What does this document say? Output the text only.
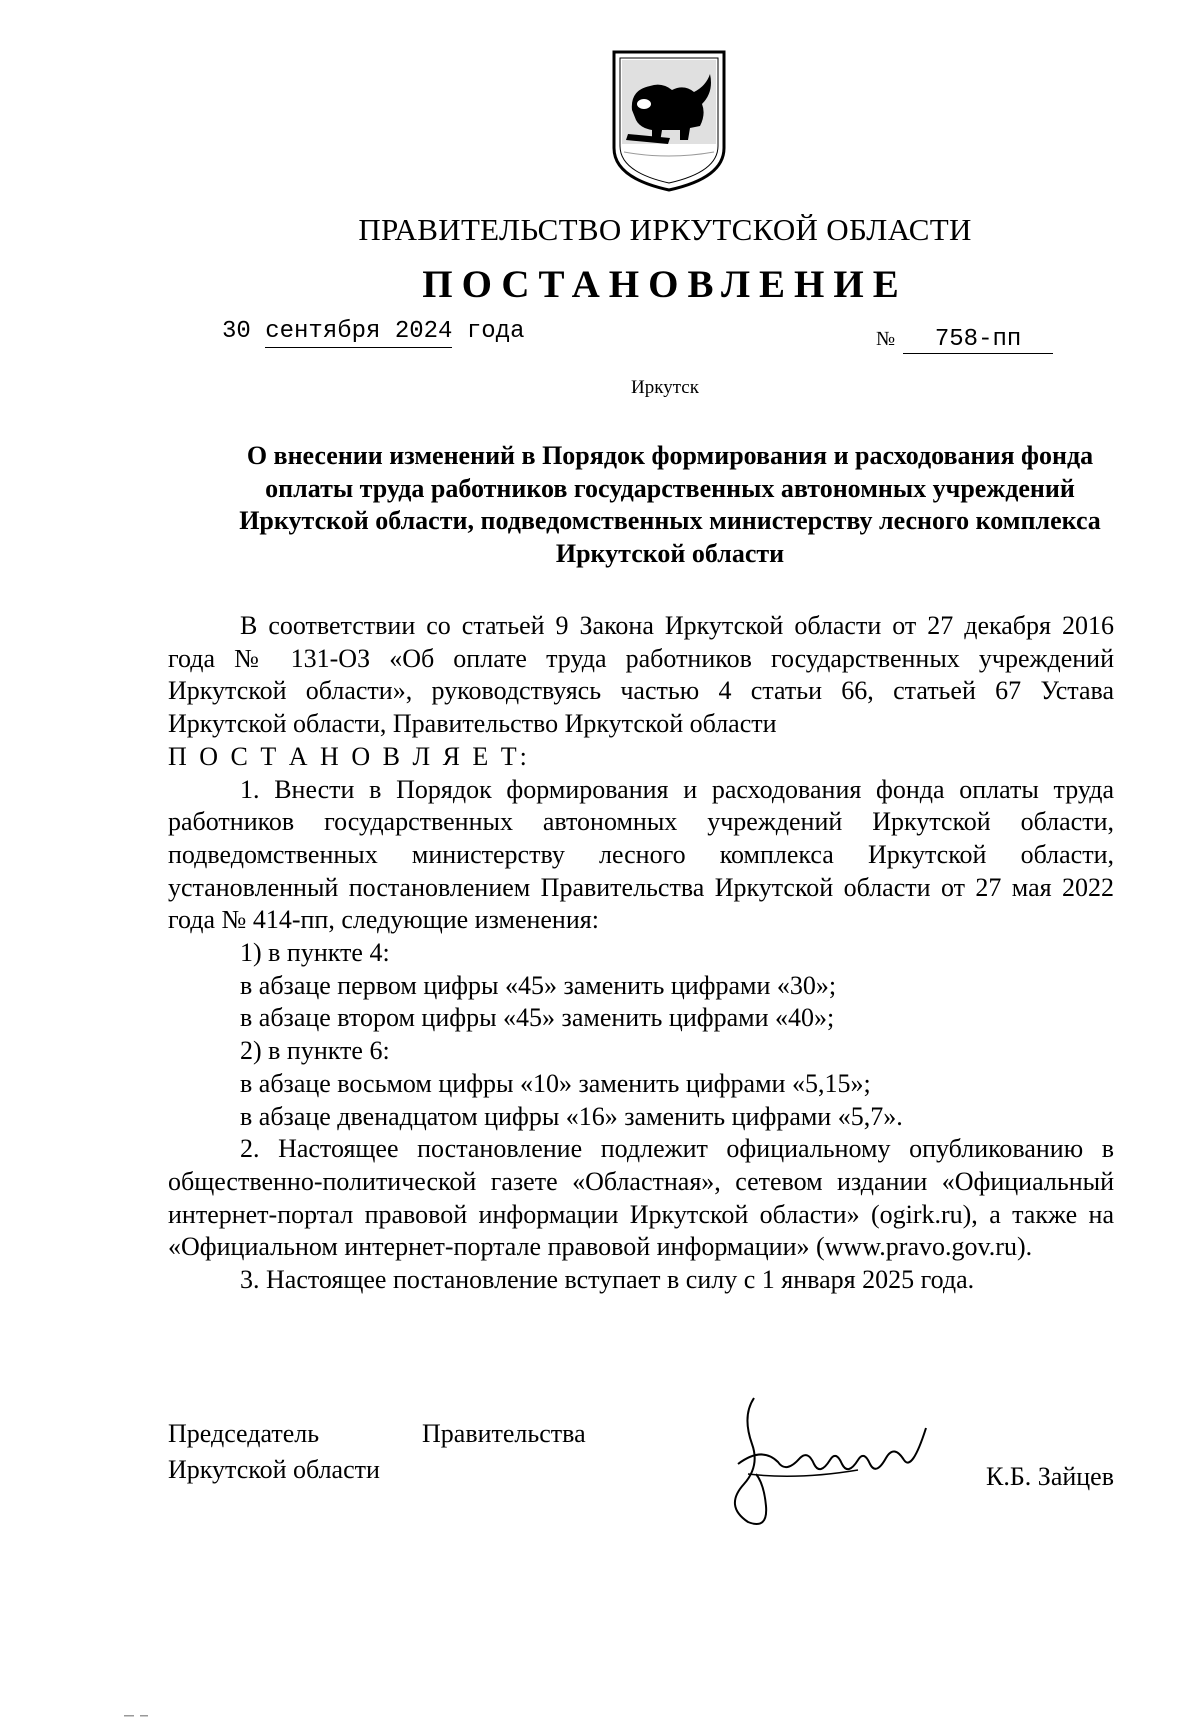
ПРАВИТЕЛЬСТВО ИРКУТСКОЙ ОБЛАСТИ
ПОСТАНОВЛЕНИЕ
30 сентября 2024 года	№ 758-пп
Иркутск
О внесении изменений в Порядок формирования и расходования фонда оплаты труда работников государственных автономных учреждений Иркутской области, подведомственных министерству лесного комплекса Иркутской области

В соответствии со статьей 9 Закона Иркутской области от 27 декабря 2016 года № 131-ОЗ «Об оплате труда работников государственных учреждений Иркутской области», руководствуясь частью 4 статьи 66, статьей 67 Устава Иркутской области, Правительство Иркутской области

П О С Т А Н О В Л Я Е Т:

1. Внести в Порядок формирования и расходования фонда оплаты труда работников государственных автономных учреждений Иркутской области, подведомственных министерству лесного комплекса Иркутской области, установленный постановлением Правительства Иркутской области от 27 мая 2022 года № 414-пп, следующие изменения:

1) в пункте 4:

в абзаце первом цифры «45» заменить цифрами «30»;

в абзаце втором цифры «45» заменить цифрами «40»;

2) в пункте 6:

в абзаце восьмом цифры «10» заменить цифрами «5,15»;

в абзаце двенадцатом цифры «16» заменить цифрами «5,7».

2. Настоящее постановление подлежит официальному опубликованию в общественно-политической газете «Областная», сетевом издании «Официальный интернет-портал правовой информации Иркутской области» (ogirk.ru), а также на «Официальном интернет-портале правовой информации» (www.pravo.gov.ru).

3. Настоящее постановление вступает в силу с 1 января 2025 года.

Председатель
Иркутской области
Правительства
К.Б. Зайцев
